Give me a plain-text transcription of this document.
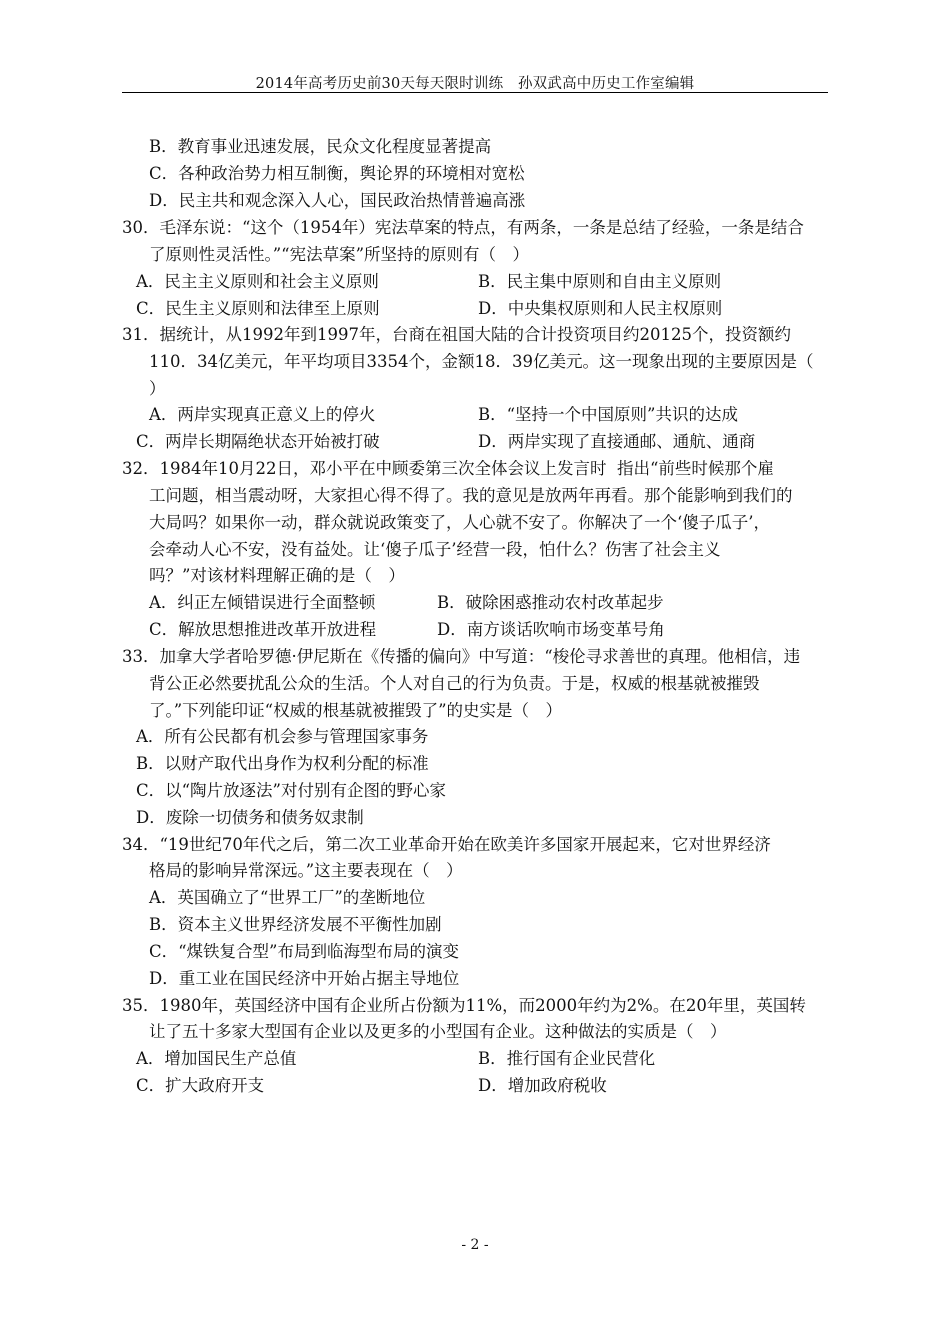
2014年高考历史前30天每天限时训练　孙双武高中历史工作室编辑
B．教育事业迅速发展，民众文化程度显著提高
C．各种政治势力相互制衡，舆论界的环境相对宽松
D．民主共和观念深入人心，国民政治热情普遍高涨
30．毛泽东说：“这个（1954年）宪法草案的特点，有两条，一条是总结了经验，一条是结合
了原则性灵活性。”“宪法草案”所坚持的原则有（　）
A．民主主义原则和社会主义原则	B．民主集中原则和自由主义原则
C．民生主义原则和法律至上原则	D．中央集权原则和人民主权原则
31．据统计，从1992年到1997年，台商在祖国大陆的合计投资项目约20125个，投资额约
110．34亿美元，年平均项目3354个，金额18．39亿美元。这一现象出现的主要原因是（
）
A．两岸实现真正意义上的停火	B．“坚持一个中国原则”共识的达成
C．两岸长期隔绝状态开始被打破	D．两岸实现了直接通邮、通航、通商
32．1984年10月22日，邓小平在中顾委第三次全体会议上发言时  指出“前些时候那个雇
工问题，相当震动呀，大家担心得不得了。我的意见是放两年再看。那个能影响到我们的
大局吗？如果你一动，群众就说政策变了，人心就不安了。你解决了一个‘傻子瓜子’，
会牵动人心不安，没有益处。让‘傻子瓜子’经营一段，怕什么？伤害了社会主义
吗？”对该材料理解正确的是（　）
A．纠正左倾错误进行全面整顿	B．破除困惑推动农村改革起步
C．解放思想推进改革开放进程	D．南方谈话吹响市场变革号角
33．加拿大学者哈罗德·伊尼斯在《传播的偏向》中写道：“梭伦寻求善世的真理。他相信，违
背公正必然要扰乱公众的生活。个人对自己的行为负责。于是，权威的根基就被摧毁
了。”下列能印证“权威的根基就被摧毁了”的史实是（　）
A．所有公民都有机会参与管理国家事务
B．以财产取代出身作为权利分配的标准
C．以“陶片放逐法”对付别有企图的野心家
D．废除一切债务和债务奴隶制
34．“19世纪70年代之后，第二次工业革命开始在欧美许多国家开展起来，它对世界经济
格局的影响异常深远。”这主要表现在（　）
A．英国确立了“世界工厂”的垄断地位
B．资本主义世界经济发展不平衡性加剧
C．“煤铁复合型”布局到临海型布局的演变
D．重工业在国民经济中开始占据主导地位
35．1980年，英国经济中国有企业所占份额为11%，而2000年约为2%。在20年里，英国转
让了五十多家大型国有企业以及更多的小型国有企业。这种做法的实质是（　）
A．增加国民生产总值	B．推行国有企业民营化
C．扩大政府开支	D．增加政府税收
- 2 -
